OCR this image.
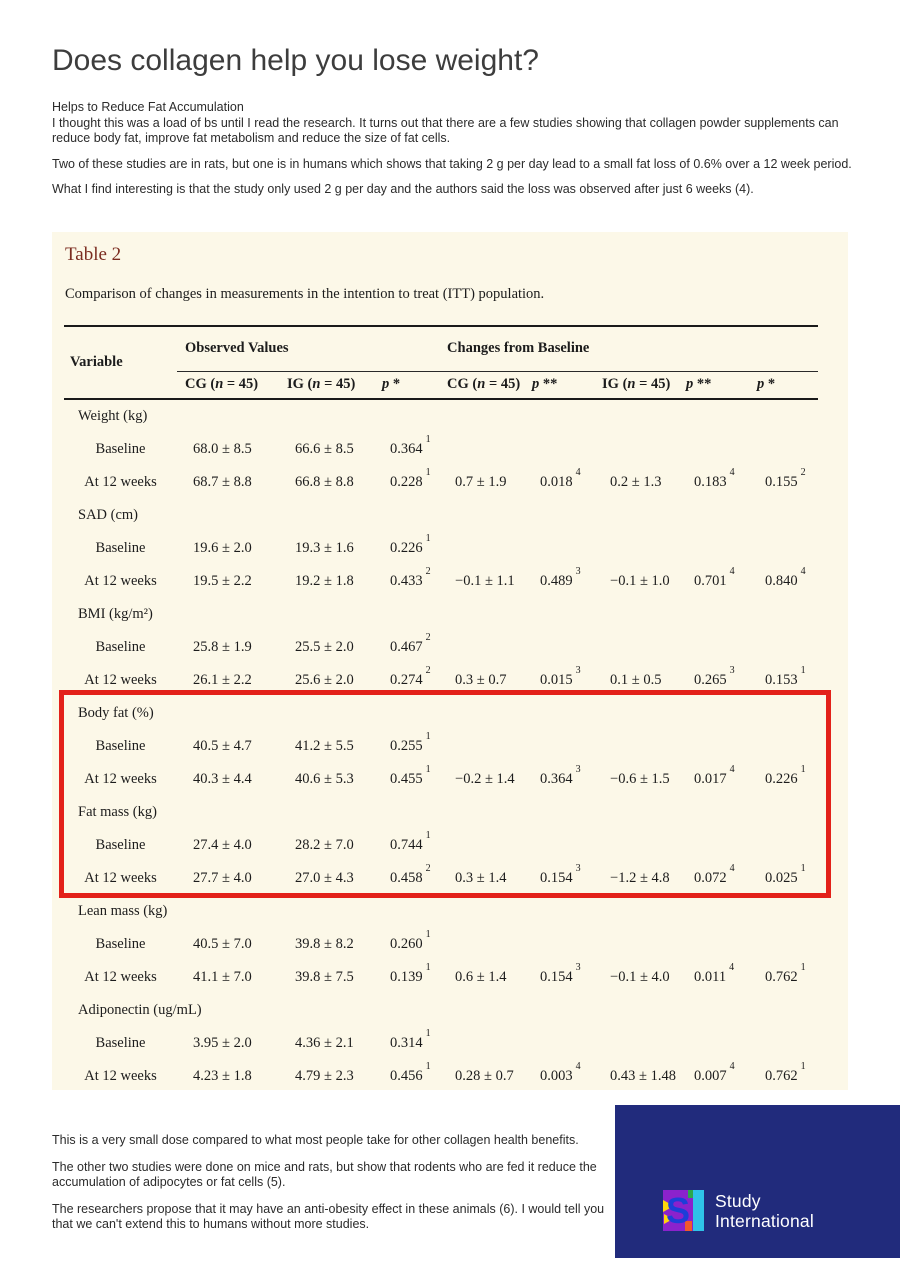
Does collagen help you lose weight?

Helps to Reduce Fat Accumulation
I thought this was a load of bs until I read the research. It turns out that there are a few studies showing that collagen powder supplements can reduce body fat, improve fat metabolism and reduce the size of fat cells.

Two of these studies are in rats, but one is in humans which shows that taking 2 g per day lead to a small fat loss of 0.6% over a 12 week period.

What I find interesting is that the study only used 2 g per day and the authors said the loss was observed after just 6 weeks (4).

Table 2
Comparison of changes in measurements in the intention to treat (ITT) population.
Variable	Observed Values			Changes from Baseline				
	CG (n = 45)	IG (n = 45)	p *	CG (n = 45)	p **	IG (n = 45)	p **	p *
Weight (kg)								
Baseline	68.0 ± 8.5	66.6 ± 8.5	0.364$^1$					
At 12 weeks	68.7 ± 8.8	66.8 ± 8.8	0.228$^1$	0.7 ± 1.9	0.018$^4$	0.2 ± 1.3	0.183$^4$	0.155$^2$
SAD (cm)								
Baseline	19.6 ± 2.0	19.3 ± 1.6	0.226$^1$					
At 12 weeks	19.5 ± 2.2	19.2 ± 1.8	$0.433^2$	−0.1 ± 1.1	$0.489^3$	−0.1 ± 1.0	0.701$^4$	0.840$^4$
BMI (kg/m²)								
Baseline	25.8 ± 1.9	25.5 ± 2.0	0.467$^2$					
At 12 weeks	26.1 ± 2.2	25.6 ± 2.0	0.274$^2$	0.3 ± 0.7	0.015$^3$	0.1 ± 0.5	0.265$^3$	0.153$^1$
Body fat (%)								
Baseline	40.5 ± 4.7	41.2 ± 5.5	0.255$^1$					
At 12 weeks	40.3 ± 4.4	40.6 ± 5.3	$0.455^1$	−0.2 ± 1.4	$0.364^3$	−0.6 ± 1.5	0.017$^4$	0.226$^1$
Fat mass (kg)								
Baseline	27.4 ± 4.0	28.2 ± 7.0	0.744$^1$					
At 12 weeks	27.7 ± 4.0	27.0 ± 4.3	0.458$^2$	0.3 ± 1.4	$0.154^3$	−1.2 ± 4.8	0.072$^4$	0.025$^1$
Lean mass (kg)								
Baseline	40.5 ± 7.0	39.8 ± 8.2	0.260$^1$					
At 12 weeks	41.1 ± 7.0	39.8 ± 7.5	0.139$^1$	0.6 ± 1.4	$0.154^3$	−0.1 ± 4.0	0.011$^4$	0.762$^1$
Adiponectin (ug/mL)								
Baseline	3.95 ± 2.0	4.36 ± 2.1	0.314$^1$					
At 12 weeks	4.23 ± 1.8	4.79 ± 2.3	0.456$^1$	0.28 ± 0.7	0.003$^4$	0.43 ± 1.48	0.007$^4$	0.762$^1$

This is a very small dose compared to what most people take for other collagen health benefits.

The other two studies were done on mice and rats, but show that rodents who are fed it reduce the accumulation of adipocytes or fat cells (5).

The researchers propose that it may have an anti-obesity effect in these animals (6). I would tell you that we can't extend this to humans without more studies.	S Study
International
